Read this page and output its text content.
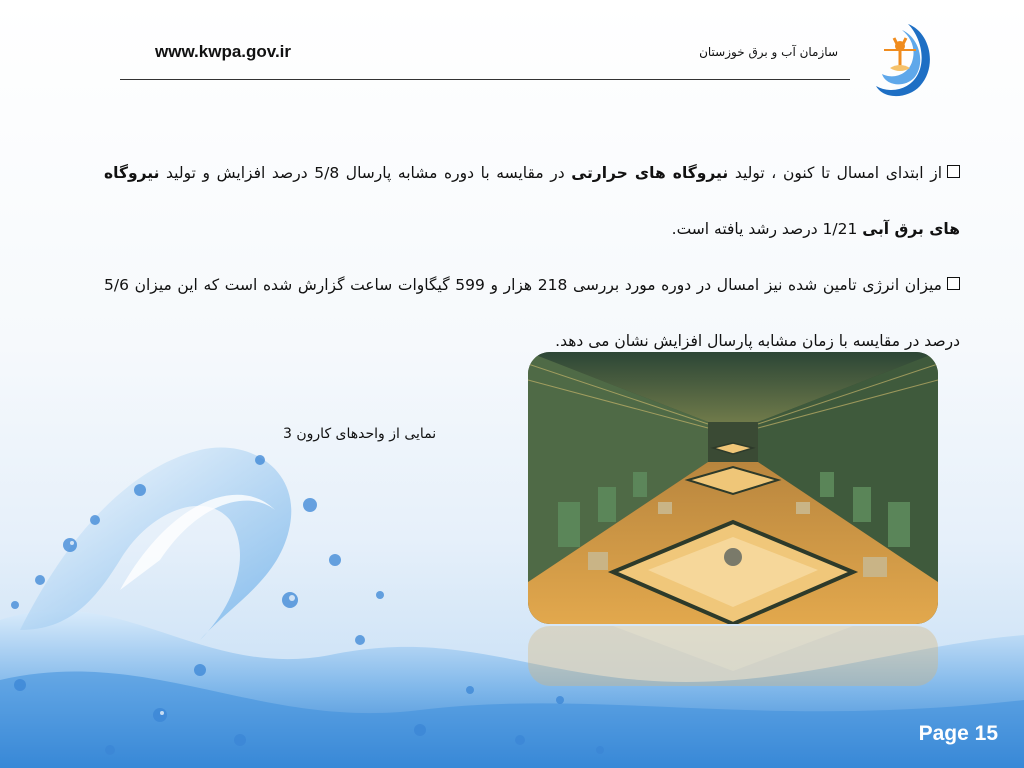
www.kwpa.gov.ir	سازمان آب و برق خوزستان

از ابتدای امسال تا کنون ، تولید نیروگاه های حرارتی در مقایسه با دوره مشابه پارسال 5/8 درصد افزایش و تولید نیروگاه های برق آبی 1/21 درصد رشد یافته است.

میزان انرژی تامین شده نیز امسال در دوره مورد بررسی 218 هزار و 599 گیگاوات ساعت گزارش شده است که این میزان 5/6 درصد در مقایسه با زمان مشابه پارسال افزایش نشان می دهد.

نمایی از واحدهای کارون 3
Page 15
